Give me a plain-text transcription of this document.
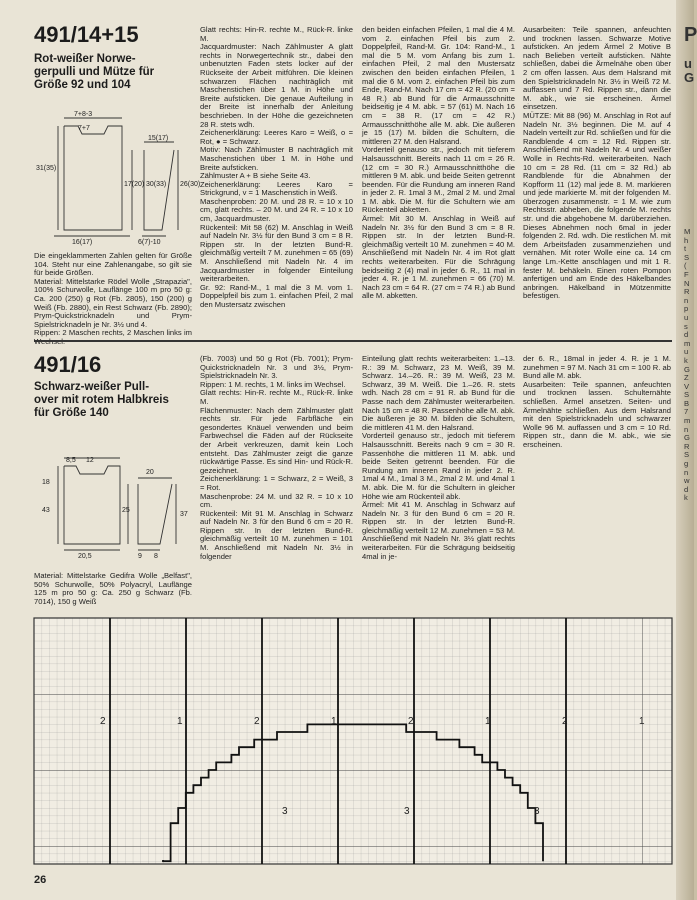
491/14+15
Rot-weißer Norwe-
gerpulli und Mütze für
Größe 92 und 104
7+8-3
7+7
15(17)
31(35)
17(20) 30(33) 26(30)
16(17)	6(7)-10
Die eingeklammerten Zahlen gelten für Größe 104. Steht nur eine Zahlenangabe, so gilt sie für beide Größen.
Material: Mittelstarke Rödel Wolle „Strapazia", 100% Schurwolle, Lauflänge 100 m pro 50 g: Ca. 200 (250) g Rot (Fb. 2805), 150 (200) g Weiß (Fb. 2880), ein Rest Schwarz (Fb. 2890); Prym-Quickstricknadeln und Prym-Spielstricknadeln je Nr. 3½ und 4.
Rippen: 2 Maschen rechts, 2 Maschen links im
Glatt rechts: Hin-R. rechte M., Rück-R. linke M.
Jacquardmuster: Nach Zählmuster A glatt rechts in Norwegertechnik str., dabei den unbenutzten Faden stets locker auf der Rückseite der Arbeit mitführen. Die kleinen schwarzen Flächen nachträglich mit Maschenstichen über 1 M. in Höhe und Breite aufsticken. Die genaue Aufteilung in der Breite ist innerhalb der Anleitung beschrieben. In der Höhe die gezeichneten 28 R. stets wdh.
Zeichenerklärung: Leeres Karo = Weiß, o = Rot, ● = Schwarz.
Motiv: Nach Zählmuster B nachträglich mit Maschenstichen über 1 M. in Höhe und Breite aufsticken.
Zählmuster A + B siehe Seite 43.
Zeichenerklärung: Leeres Karo = Strickgrund, v = 1 Maschenstich in Weiß.
Maschenproben: 20 M. und 28 R. = 10 x 10 cm, glatt rechts. – 20 M. und 24 R. = 10 x 10 cm, Jacquardmuster.
Rückenteil: Mit 58 (62) M. Anschlag in Weiß auf Nadeln Nr. 3½ für den Bund 3 cm = 8 R. Rippen str. In der letzten Bund-R. gleichmäßig verteilt 7 M. zunehmen = 65 (69) M. Anschließend mit Nadeln Nr. 4 im Jacquardmuster in folgender Einteilung weiterarbeiten.
Gr. 92: Rand-M., 1 mal die 3 M. vom 1. Doppelpfeil bis zum 1. einfachen Pfeil, 2 mal den Mustersatz zwischen
den beiden einfachen Pfeilen, 1 mal die 4 M. vom 2. einfachen Pfeil bis zum 2. Doppelpfeil, Rand-M. Gr. 104: Rand-M., 1 mal die 5 M. vom Anfang bis zum 1. einfachen Pfeil, 2 mal den Mustersatz zwischen den beiden einfachen Pfeilen, 1 mal die 6 M. vom 2. einfachen Pfeil bis zum Ende, Rand-M. Nach 17 cm = 42 R. (20 cm = 48 R.) ab Bund für die Armausschnitte beidseitig je 4 M. abk. = 57 (61) M. Nach 16 cm = 38 R. (17 cm = 42 R.) Armausschnitthöhe alle M. abk. Die äußeren je 15 (17) M. bilden die Schultern, die mittleren 27 M. den Halsrand.
Vorderteil genauso str., jedoch mit tieferem Halsausschnitt. Bereits nach 11 cm = 26 R. (12 cm = 30 R.) Armausschnitthöhe die mittleren 9 M. abk. und beide Seiten getrennt beenden. Für die Rundung am inneren Rand in jeder 2. R. 1mal 3 M., 2mal 2 M. und 2mal 1 M. abk. Die M. für die Schultern wie am Rückenteil abketten.
Ärmel: Mit 30 M. Anschlag in Weiß auf Nadeln Nr. 3½ für den Bund 3 cm = 8 R. Rippen str. In der letzten Bund-R. gleichmäßig verteilt 10 M. zunehmen = 40 M. Anschließend mit Nadeln Nr. 4 im Rot glatt rechts weiterarbeiten. Für die Schrägung beidseitig 2 (4) mal in jeder 6. R., 11 mal in jeder 4. R. je 1 M. zunehmen = 66 (70) M. Nach 23 cm = 64 R. (27 cm = 74 R.) ab Bund alle M. abketten.
Ausarbeiten: Teile spannen, anfeuchten und trocknen lassen. Schwarze Motive aufsticken. An jedem Ärmel 2 Motive B nach Belieben verteilt aufsticken. Nähte schließen, dabei die Ärmelnähe oben über 2 cm offen lassen. Aus dem Halsrand mit den Spielstricknadeln Nr. 3½ in Weiß 72 M. auffassen und 7 Rd. Rippen str., dann die M. abk., wie sie erscheinen. Ärmel einsetzen.
MÜTZE: Mit 88 (96) M. Anschlag in Rot auf Nadeln Nr. 3½ beginnen. Die M. auf 4 Nadeln verteilt zur Rd. schließen und für die Randblende 4 cm = 12 Rd. Rippen str. Anschließend mit Nadeln Nr. 4 und weißer Wolle in Rechts-Rd. weiterarbeiten. Nach 10 cm = 28 Rd. (11 cm = 32 Rd.) ab Randblende für die Abnahmen der Kopfform 11 (12) mal jede 8. M. markieren und jede markierte M. mit der folgenden M. überzogen zusammenstr. = 1 M. wie zum Rechtsstr. abheben, die folgende M. rechts str. und die abgehobene M. darüberziehen. Dieses Abnehmen noch 6mal in jeder folgenden 2. Rd. wdh. Die restlichen M. mit dem Arbeitsfaden zusammenziehen und vernähen. Mit roter Wolle eine ca. 14 cm lange Lm.-Kette anschlagen und mit 1 R. fester M. behäkeln. Einen roten Pompon anfertigen und am Ende des Häkelbandes anbringen. Häkelband in Mützenmitte befestigen.
491/16
Schwarz-weißer Pull-
over mit rotem Halbkreis
für Größe 140
8,5 12
18
43	25
20
37
20,5	9 8
Material: Mittelstarke Gedifra Wolle „Belfast", 50% Schurwolle, 50% Polyacryl, Lauflänge 125 m pro 50 g: Ca. 250 g Schwarz (Fb. 7014), 150 g Weiß
(Fb. 7003) und 50 g Rot (Fb. 7001); Prym-Quickstricknadeln Nr. 3 und 3½, Prym-Spielstricknadeln Nr. 3.
Rippen: 1 M. rechts, 1 M. links im Wechsel.
Glatt rechts: Hin-R. rechte M., Rück-R. linke M.
Flächenmuster: Nach dem Zählmuster glatt rechts str. Für jede Farbfläche ein gesondertes Knäuel verwenden und beim Farbwechsel die Fäden auf der Rückseite der Arbeit verkreuzen, damit kein Loch entsteht. Das Zählmuster zeigt die ganze rückwärtige Passe. Es sind Hin- und Rück-R. gezeichnet.
Zeichenerklärung: 1 = Schwarz, 2 = Weiß, 3 = Rot.
Maschenprobe: 24 M. und 32 R. = 10 x 10 cm.
Rückenteil: Mit 91 M. Anschlag in Schwarz auf Nadeln Nr. 3 für den Bund 6 cm = 20 R. Rippen str. In der letzten Bund-R. gleichmäßig verteilt 10 M. zunehmen = 101 M. Anschließend mit Nadeln Nr. 3½ in folgender
Einteilung glatt rechts weiterarbeiten: 1.–13. R.: 39 M. Schwarz, 23 M. Weiß, 39 M. Schwarz. 14.–26. R.: 39 M. Weiß, 23 M. Schwarz, 39 M. Weiß. Die 1.–26. R. stets wdh. Nach 28 cm = 91 R. ab Bund für die Passe nach dem Zählmuster weiterarbeiten. Nach 15 cm = 48 R. Passenhöhe alle M. abk. Die äußeren je 30 M. bilden die Schultern, die mittleren 41 M. den Halsrand.
Vorderteil genauso str., jedoch mit tieferem Halsausschnitt. Bereits nach 9 cm = 30 R. Passenhöhe die mittleren 11 M. abk. und beide Seiten getrennt beenden. Für die Rundung am inneren Rand in jeder 2. R. 1mal 4 M., 1mal 3 M., 2mal 2 M. und 4mal 1 M. abk. Die M. für die Schultern in gleicher Höhe wie am Rückenteil abk.
Ärmel: Mit 41 M. Anschlag in Schwarz auf Nadeln Nr. 3 für den Bund 6 cm = 20 R. Rippen str. In der letzten Bund-R. gleichmäßig verteilt 12 M. zunehmen = 53 M. Anschließend mit Nadeln Nr. 3½ glatt rechts weiterarbeiten. Für die Schrägung beidseitig 4mal in je-
der 6. R., 18mal in jeder 4. R. je 1 M. zunehmen = 97 M. Nach 31 cm = 100 R. ab Bund alle M. abk.
Ausarbeiten: Teile spannen, anfeuchten und trocknen lassen. Schulternähte schließen. Ärmel ansetzen. Seiten- und Ärmelnähte schließen. Aus dem Halsrand mit den Spielstricknadeln und schwarzer Wolle 96 M. auffassen und 3 cm = 10 Rd. Rippen str., dann die M. abk., wie sie erscheinen.
2	1	2	1	2	1	2	1
3	3	3
26
P
u
G
M
h
t
S
(
F
N
R
n
p
u
s
d
m
u
k
G
Z
V
S
B
7
m
n
G
R
S
g
n
w
d
k
